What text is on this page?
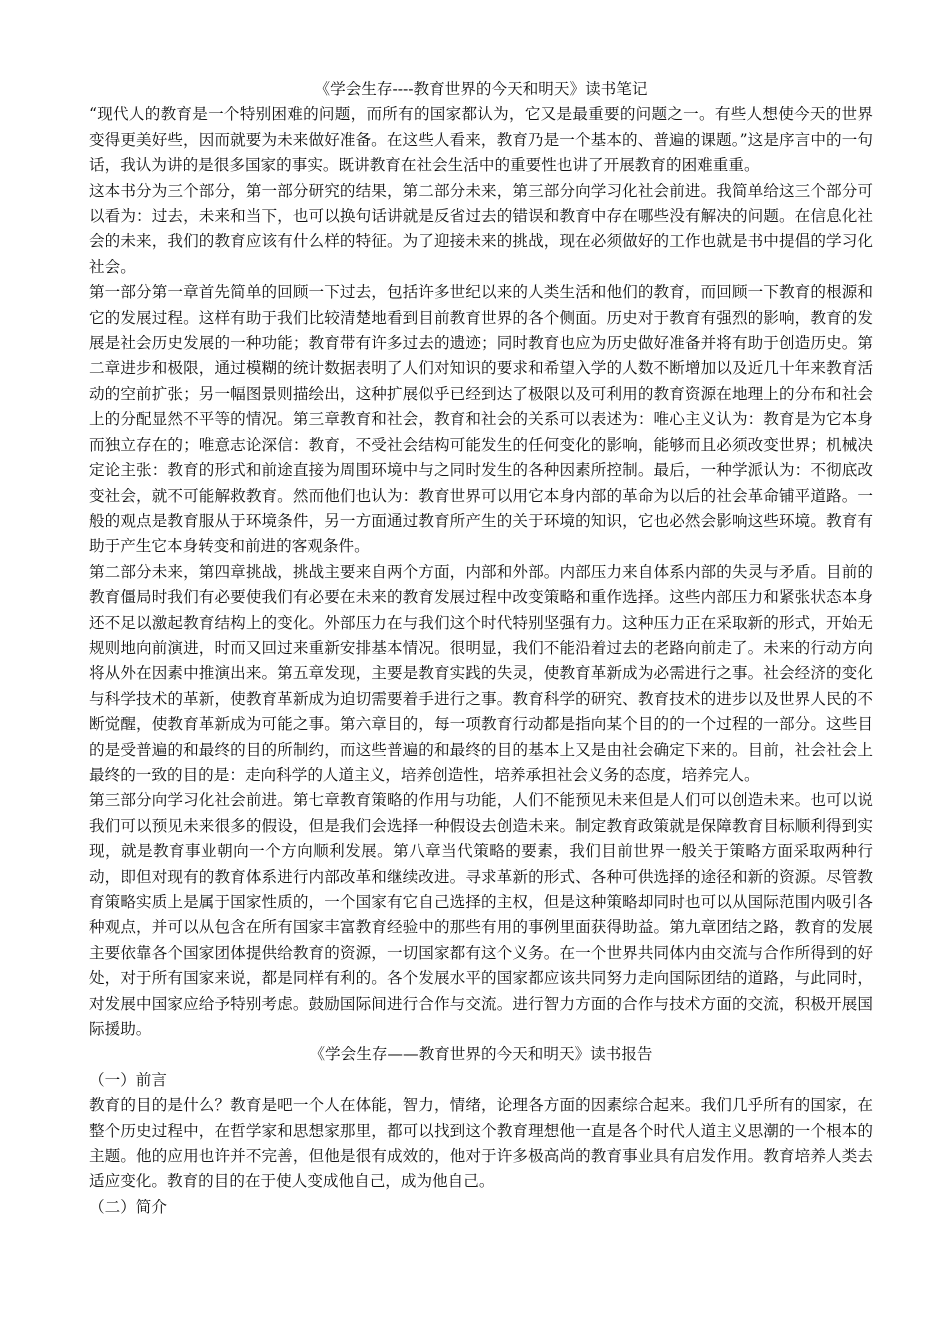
《学会生存----教育世界的今天和明天》读书笔记

“现代人的教育是一个特别困难的问题，而所有的国家都认为，它又是最重要的问题之一。有些人想使今天的世界变得更美好些，因而就要为未来做好准备。在这些人看来，教育乃是一个基本的、普遍的课题。”这是序言中的一句话，我认为讲的是很多国家的事实。既讲教育在社会生活中的重要性也讲了开展教育的困难重重。

这本书分为三个部分，第一部分研究的结果，第二部分未来，第三部分向学习化社会前进。我简单给这三个部分可以看为：过去，未来和当下，也可以换句话讲就是反省过去的错误和教育中存在哪些没有解决的问题。在信息化社会的未来，我们的教育应该有什么样的特征。为了迎接未来的挑战，现在必须做好的工作也就是书中提倡的学习化社会。

第一部分第一章首先简单的回顾一下过去，包括许多世纪以来的人类生活和他们的教育，而回顾一下教育的根源和它的发展过程。这样有助于我们比较清楚地看到目前教育世界的各个侧面。历史对于教育有强烈的影响，教育的发展是社会历史发展的一种功能；教育带有许多过去的遗迹；同时教育也应为历史做好准备并将有助于创造历史。第二章进步和极限，通过模糊的统计数据表明了人们对知识的要求和希望入学的人数不断增加以及近几十年来教育活动的空前扩张；另一幅图景则描绘出，这种扩展似乎已经到达了极限以及可利用的教育资源在地理上的分布和社会上的分配显然不平等的情况。第三章教育和社会，教育和社会的关系可以表述为：唯心主义认为：教育是为它本身而独立存在的；唯意志论深信：教育，不受社会结构可能发生的任何变化的影响，能够而且必须改变世界；机械决定论主张：教育的形式和前途直接为周围环境中与之同时发生的各种因素所控制。最后，一种学派认为：不彻底改变社会，就不可能解救教育。然而他们也认为：教育世界可以用它本身内部的革命为以后的社会革命铺平道路。一般的观点是教育服从于环境条件，另一方面通过教育所产生的关于环境的知识，它也必然会影响这些环境。教育有助于产生它本身转变和前进的客观条件。

第二部分未来，第四章挑战，挑战主要来自两个方面，内部和外部。内部压力来自体系内部的失灵与矛盾。目前的教育僵局时我们有必要使我们有必要在未来的教育发展过程中改变策略和重作选择。这些内部压力和紧张状态本身还不足以激起教育结构上的变化。外部压力在与我们这个时代特别坚强有力。这种压力正在采取新的形式，开始无规则地向前演进，时而又回过来重新安排基本情况。很明显，我们不能沿着过去的老路向前走了。未来的行动方向将从外在因素中推演出来。第五章发现，主要是教育实践的失灵，使教育革新成为必需进行之事。社会经济的变化与科学技术的革新，使教育革新成为迫切需要着手进行之事。教育科学的研究、教育技术的进步以及世界人民的不断觉醒，使教育革新成为可能之事。第六章目的，每一项教育行动都是指向某个目的的一个过程的一部分。这些目的是受普遍的和最终的目的所制约，而这些普遍的和最终的目的基本上又是由社会确定下来的。目前，社会社会上最终的一致的目的是：走向科学的人道主义，培养创造性，培养承担社会义务的态度，培养完人。

第三部分向学习化社会前进。第七章教育策略的作用与功能，人们不能预见未来但是人们可以创造未来。也可以说我们可以预见未来很多的假设，但是我们会选择一种假设去创造未来。制定教育政策就是保障教育目标顺利得到实现，就是教育事业朝向一个方向顺利发展。第八章当代策略的要素，我们目前世界一般关于策略方面采取两种行动，即但对现有的教育体系进行内部改革和继续改进。寻求革新的形式、各种可供选择的途径和新的资源。尽管教育策略实质上是属于国家性质的，一个国家有它自己选择的主权，但是这种策略却同时也可以从国际范围内吸引各种观点，并可以从包含在所有国家丰富教育经验中的那些有用的事例里面获得助益。第九章团结之路，教育的发展主要依靠各个国家团体提供给教育的资源，一切国家都有这个义务。在一个世界共同体内由交流与合作所得到的好处，对于所有国家来说，都是同样有利的。各个发展水平的国家都应该共同努力走向国际团结的道路，与此同时，对发展中国家应给予特别考虑。鼓励国际间进行合作与交流。进行智力方面的合作与技术方面的交流，积极开展国际援助。

《学会生存——教育世界的今天和明天》读书报告

（一）前言

教育的目的是什么？教育是吧一个人在体能，智力，情绪，论理各方面的因素综合起来。我们几乎所有的国家，在整个历史过程中，在哲学家和思想家那里，都可以找到这个教育理想他一直是各个时代人道主义思潮的一个根本的主题。他的应用也许并不完善，但他是很有成效的，他对于许多极高尚的教育事业具有启发作用。教育培养人类去适应变化。教育的目的在于使人变成他自己，成为他自己。

（二）简介
